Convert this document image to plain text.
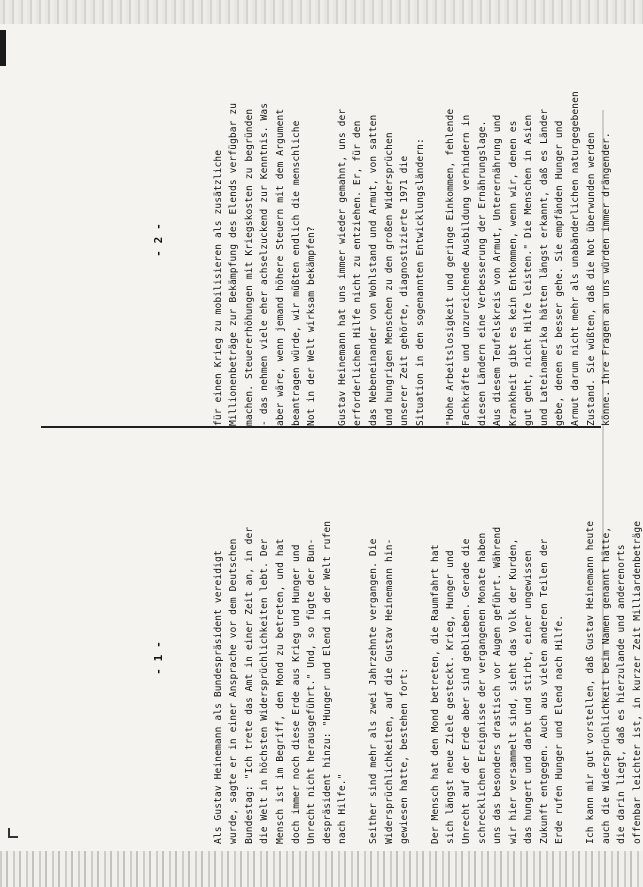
- 1 -

Als Gustav Heinemann als Bundespräsident vereidigt
wurde, sagte er in einer Ansprache vor dem Deutschen
Bundestag: "Ich trete das Amt in einer Zeit an, in der
die Welt in höchsten Widersprüchlichkeiten lebt. Der
Mensch ist im Begriff, den Mond zu betreten, und hat
doch immer noch diese Erde aus Krieg und Hunger und
Unrecht nicht herausgeführt." Und, so fügte der Bun-
despräsident hinzu: "Hunger und Elend in der Welt rufen
nach Hilfe."

Seither sind mehr als zwei Jahrzehnte vergangen. Die
Widersprüchlichkeiten, auf die Gustav Heinemann hin-
gewiesen hatte, bestehen fort:

Der Mensch hat den Mond betreten, die Raumfahrt hat
sich längst neue Ziele gesteckt. Krieg, Hunger und
Unrecht auf der Erde aber sind geblieben. Gerade die
schrecklichen Ereignisse der vergangenen Monate haben
uns das besonders drastisch vor Augen geführt. Während
wir hier versammelt sind, sieht das Volk der Kurden,
das hungert und darbt und stirbt, einer ungewissen
Zukunft entgegen. Auch aus vielen anderen Teilen der
Erde rufen Hunger und Elend nach Hilfe.

Ich kann mir gut vorstellen, daß Gustav Heinemann heute
auch die Widersprüchlichkeit beim Namen genannt hätte,
die darin liegt, daß es hierzulande und anderenorts
offenbar leichter ist, in kurzer Zeit Milliardenbeträge

- 2 -

für einen Krieg zu mobilisieren als zusätzliche
Millionenbeträge zur Bekämpfung des Elends verfügbar zu
machen. Steuererhöhungen mit Kriegskosten zu begründen
- das nehmen viele eher achselzuckend zur Kenntnis. Was
aber wäre, wenn jemand höhere Steuern mit dem Argument
beantragen würde, wir müßten endlich die menschliche
Not in der Welt wirksam bekämpfen?

Gustav Heinemann hat uns immer wieder gemahnt, uns der
erforderlichen Hilfe nicht zu entziehen. Er, für den
das Nebeneinander von Wohlstand und Armut, von satten
und hungrigen Menschen zu den großen Widersprüchen
unserer Zeit gehörte, diagnostizierte 1971 die
Situation in den sogenannten Entwicklungsländern:

"Hohe Arbeitslosigkeit und geringe Einkommen, fehlende
Fachkräfte und unzureichende Ausbildung verhindern in
diesen Ländern eine Verbesserung der Ernährungslage.
Aus diesem Teufelskreis von Armut, Unterernährung und
Krankheit gibt es kein Entkommen, wenn wir, denen es
gut geht, nicht Hilfe leisten." Die Menschen in Asien
und Lateinamerika hätten längst erkannt, daß es Länder
gebe, denen es besser gehe. Sie empfänden Hunger und
Armut darum nicht mehr als unabänderlichen naturgegebenen
Zustand. Sie wüßten, daß die Not überwunden werden
könne. Ihre Fragen an uns würden immer drängender.
